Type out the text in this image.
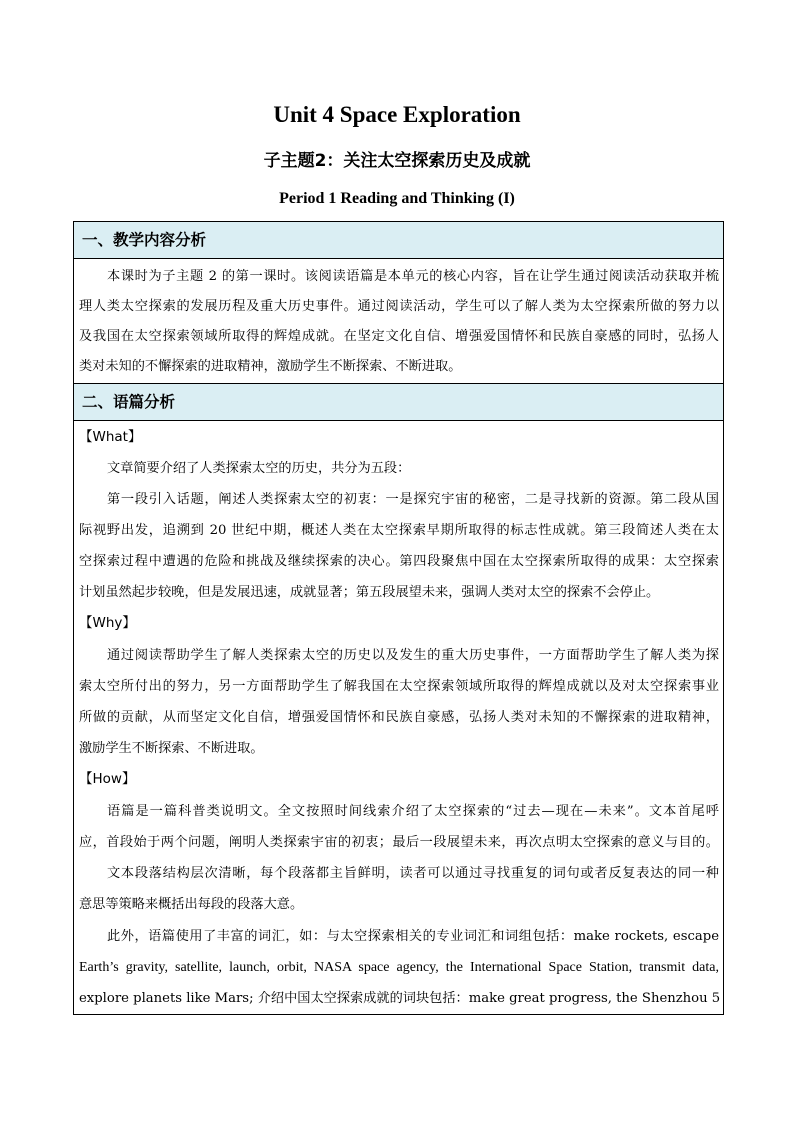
Unit 4 Space Exploration
子主题2：关注太空探索历史及成就
Period 1 Reading and Thinking (I)
一、教学内容分析
本课时为子主题 2 的第一课时。该阅读语篇是本单元的核心内容，旨在让学生通过阅读活动获取并梳
理人类太空探索的发展历程及重大历史事件。通过阅读活动，学生可以了解人类为太空探索所做的努力以
及我国在太空探索领域所取得的辉煌成就。在坚定文化自信、增强爱国情怀和民族自豪感的同时，弘扬人
类对未知的不懈探索的进取精神，激励学生不断探索、不断进取。
二、语篇分析
【What】
文章简要介绍了人类探索太空的历史，共分为五段：
第一段引入话题，阐述人类探索太空的初衷：一是探究宇宙的秘密，二是寻找新的资源。第二段从国
际视野出发，追溯到 20 世纪中期，概述人类在太空探索早期所取得的标志性成就。第三段简述人类在太
空探索过程中遭遇的危险和挑战及继续探索的决心。第四段聚焦中国在太空探索所取得的成果：太空探索
计划虽然起步较晚，但是发展迅速，成就显著；第五段展望未来，强调人类对太空的探索不会停止。
【Why】
通过阅读帮助学生了解人类探索太空的历史以及发生的重大历史事件，一方面帮助学生了解人类为探
索太空所付出的努力，另一方面帮助学生了解我国在太空探索领域所取得的辉煌成就以及对太空探索事业
所做的贡献，从而坚定文化自信，增强爱国情怀和民族自豪感，弘扬人类对未知的不懈探索的进取精神，
激励学生不断探索、不断进取。
【How】
语篇是一篇科普类说明文。全文按照时间线索介绍了太空探索的“过去—现在—未来”。文本首尾呼
应，首段始于两个问题，阐明人类探索宇宙的初衷；最后一段展望未来，再次点明太空探索的意义与目的。
文本段落结构层次清晰，每个段落都主旨鲜明，读者可以通过寻找重复的词句或者反复表达的同一种
意思等策略来概括出每段的段落大意。
此外，语篇使用了丰富的词汇，如：与太空探索相关的专业词汇和词组包括：make rockets, escape
Earth’s gravity, satellite, launch, orbit, NASA space agency, the International Space Station, transmit data,
explore planets like Mars; 介绍中国太空探索成就的词块包括：make great progress, the Shenzhou 5
